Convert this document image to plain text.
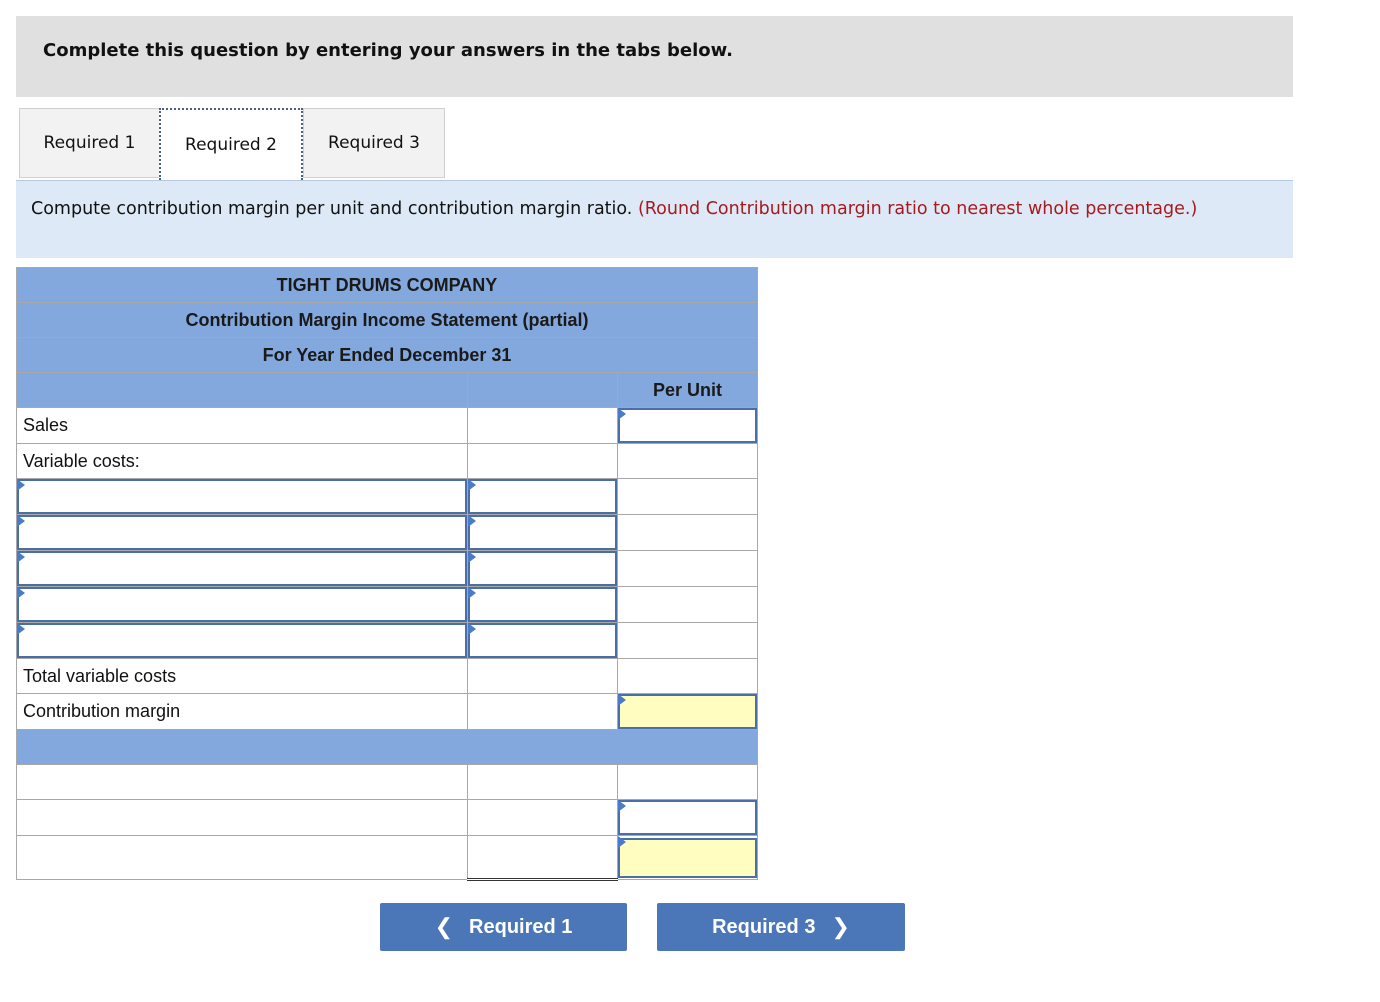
Complete this question by entering your answers in the tabs below.
Required 1	Required 2	Required 3
Compute contribution margin per unit and contribution margin ratio. (Round Contribution margin ratio to nearest whole percentage.)
TIGHT DRUMS COMPANY		
Contribution Margin Income Statement (partial)		
For Year Ended December 31		
		Per Unit
Sales		

Variable costs:		

Total variable costs		
Contribution margin		

❮ Required 1	Required 3 ❯
